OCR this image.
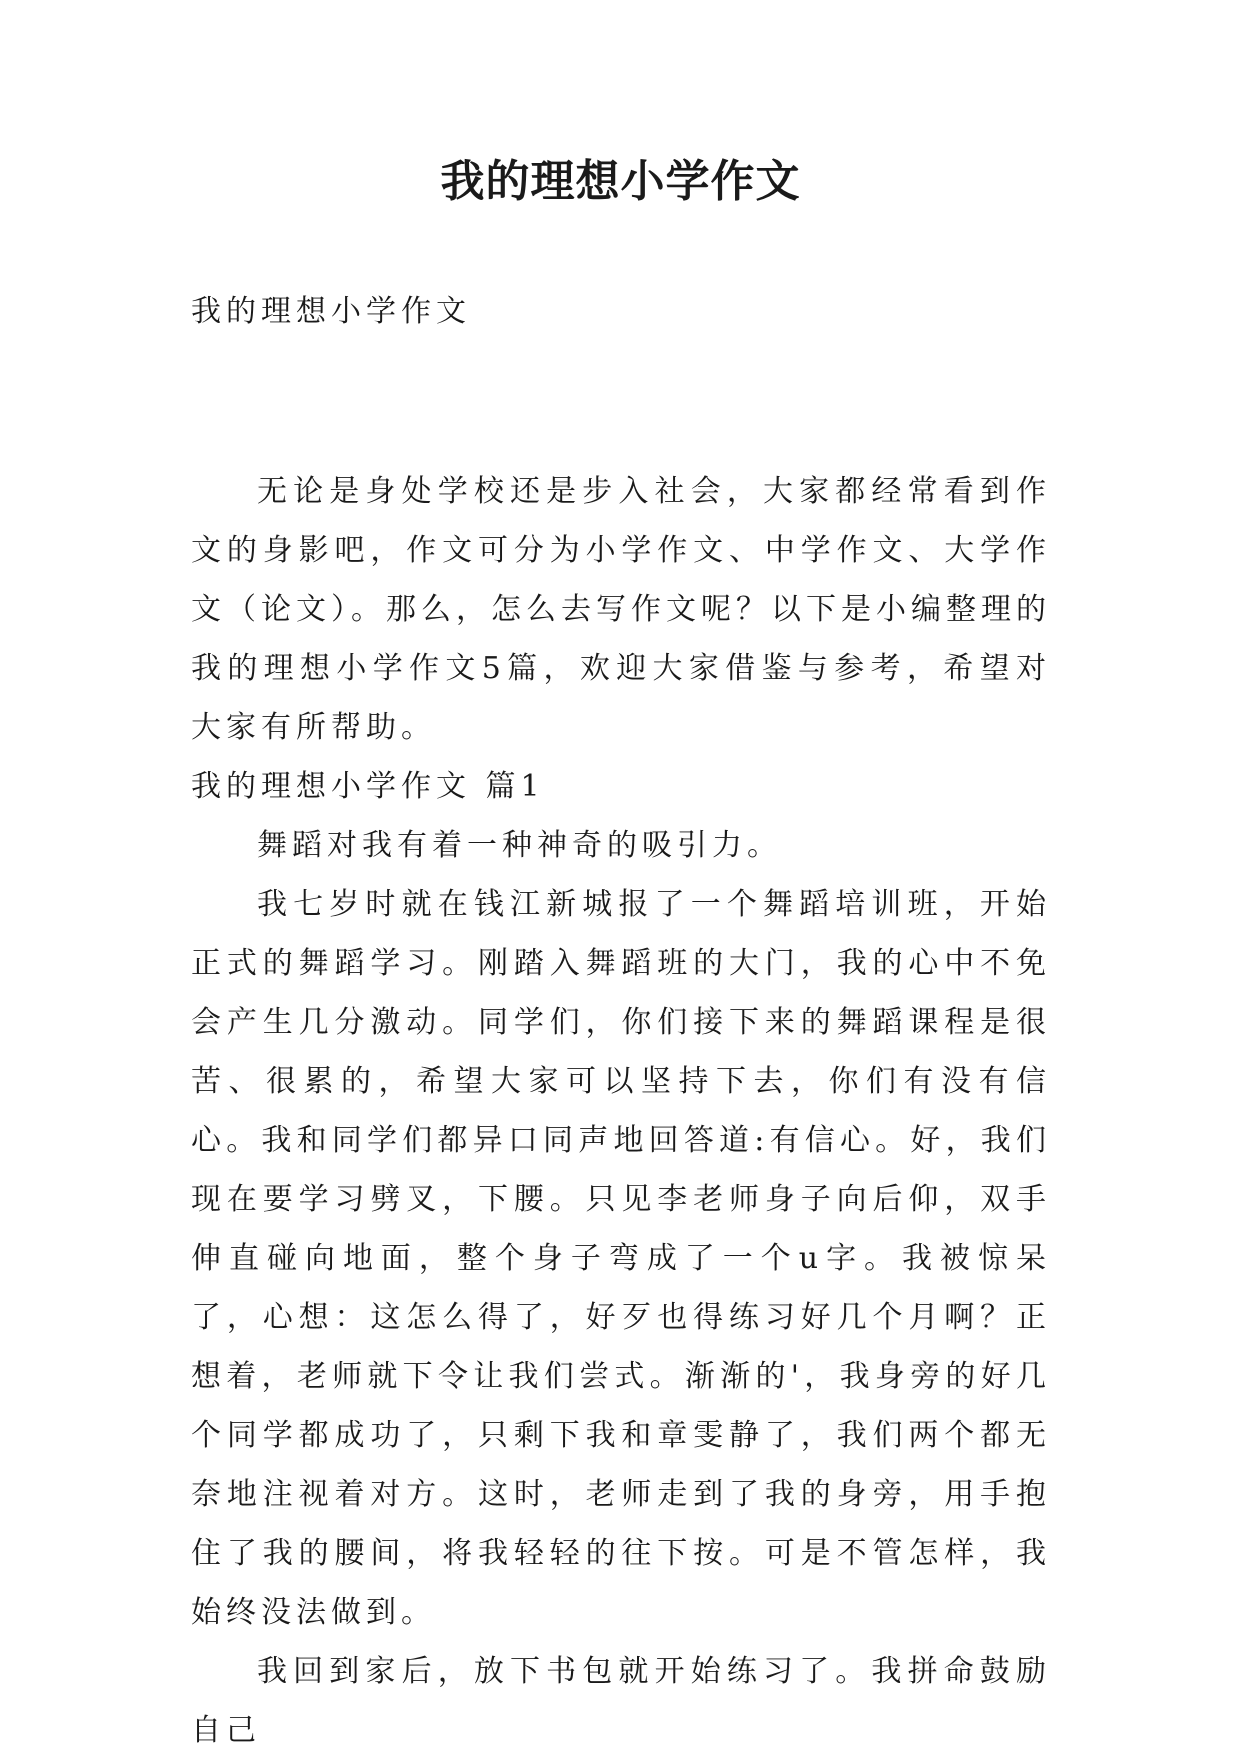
我的理想小学作文

我的理想小学作文

无论是身处学校还是步入社会，大家都经常看到作文的身影吧，作文可分为小学作文、中学作文、大学作文（论文）。那么，怎么去写作文呢？以下是小编整理的我的理想小学作文5篇，欢迎大家借鉴与参考，希望对大家有所帮助。

我的理想小学作文 篇1

舞蹈对我有着一种神奇的吸引力。

我七岁时就在钱江新城报了一个舞蹈培训班，开始正式的舞蹈学习。刚踏入舞蹈班的大门，我的心中不免会产生几分激动。同学们，你们接下来的舞蹈课程是很苦、很累的，希望大家可以坚持下去，你们有没有信心。我和同学们都异口同声地回答道:有信心。好，我们现在要学习劈叉，下腰。只见李老师身子向后仰，双手伸直碰向地面，整个身子弯成了一个u字。我被惊呆了，心想：这怎么得了，好歹也得练习好几个月啊？正想着，老师就下令让我们尝式。渐渐的'，我身旁的好几个同学都成功了，只剩下我和章雯静了，我们两个都无奈地注视着对方。这时，老师走到了我的身旁，用手抱住了我的腰间，将我轻轻的往下按。可是不管怎样，我始终没法做到。

我回到家后，放下书包就开始练习了。我拼命鼓励自己
